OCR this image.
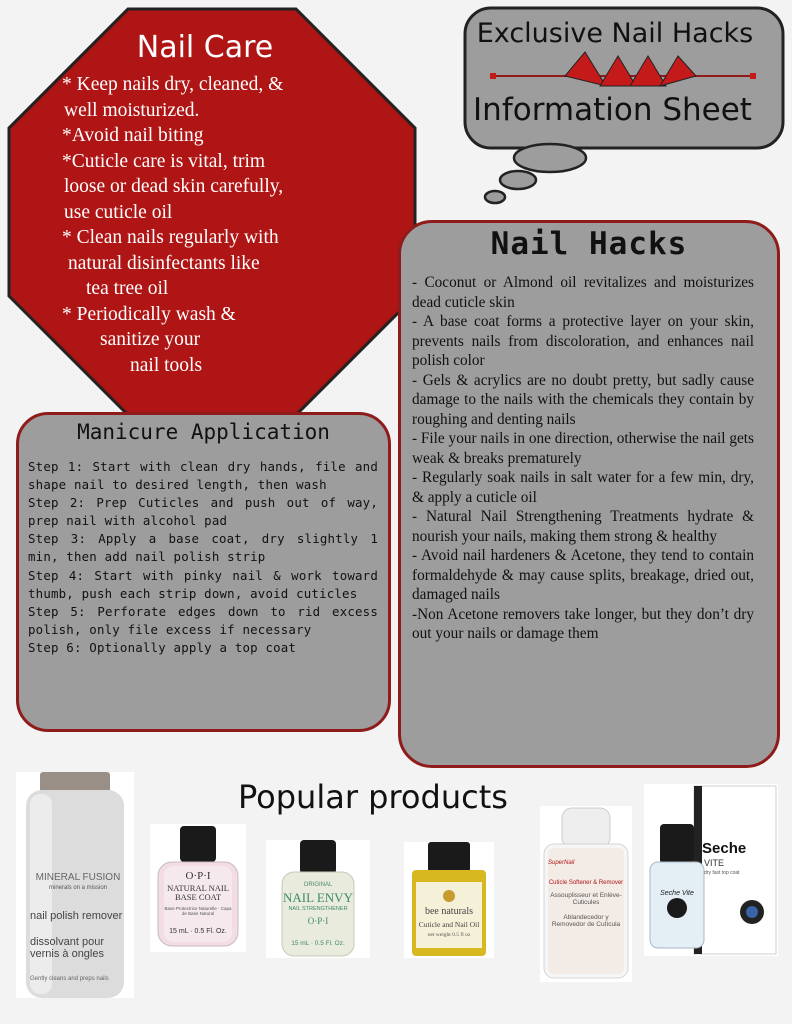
Nail Care
* Keep nails dry, cleaned, &
well moisturized.
*Avoid nail biting
*Cuticle care is vital, trim
loose or dead skin carefully,
use cuticle oil
* Clean nails regularly with
natural disinfectants like
tea tree oil
* Periodically wash &
sanitize your
nail tools
Exclusive Nail Hacks
Information Sheet
Nail Hacks

- Coconut or Almond oil revitalizes and moisturizes dead cuticle skin

- A base coat forms a protective layer on your skin, prevents nails from discoloration, and enhances nail polish color

- Gels & acrylics are no doubt pretty, but sadly cause damage to the nails with the chemicals they contain by roughing and denting nails

- File your nails in one direction, otherwise the nail gets weak & breaks prematurely

- Regularly soak nails in salt water for a few min, dry, & apply a cuticle oil

- Natural Nail Strengthening Treatments hydrate & nourish your nails, making them strong & healthy

- Avoid nail hardeners & Acetone, they tend to contain formaldehyde & may cause splits, breakage, dried out, damaged nails

-Non Acetone removers take longer, but they don’t dry out your nails or damage them

Manicure Application

Step 1: Start with clean dry hands, file and shape nail to desired length, then wash

Step 2: Prep Cuticles and push out of way, prep nail with alcohol pad

Step 3: Apply a base coat, dry slightly 1 min, then add nail polish strip

Step 4: Start with pinky nail & work toward thumb, push each strip down, avoid cuticles

Step 5: Perforate edges down to rid excess polish, only file excess if necessary

Step 6: Optionally apply a top coat

Popular products
MINERAL FUSION
minerals on a mission
nail polish remover
dissolvant pour vernis à ongles
Gently cleans and preps nails
O·P·I
NATURAL NAIL BASE COAT
Base Protectrice Naturelle · Capa de Base Natural
15 mL · 0.5 Fl. Oz.
ORIGINAL
NAIL ENVY
NAIL STRENGTHENER
O·P·I
15 mL · 0.5 Fl. Oz.
bee naturals
Cuticle and Nail Oil
net weight 0.5 fl oz
SuperNail
Cuticle Softener & Remover
Assouplisseur et Enlève-Cuticules
Ablandecedor y Removedor de Cutícula
Seche
VITE
dry fast top coat
Seche Vite
